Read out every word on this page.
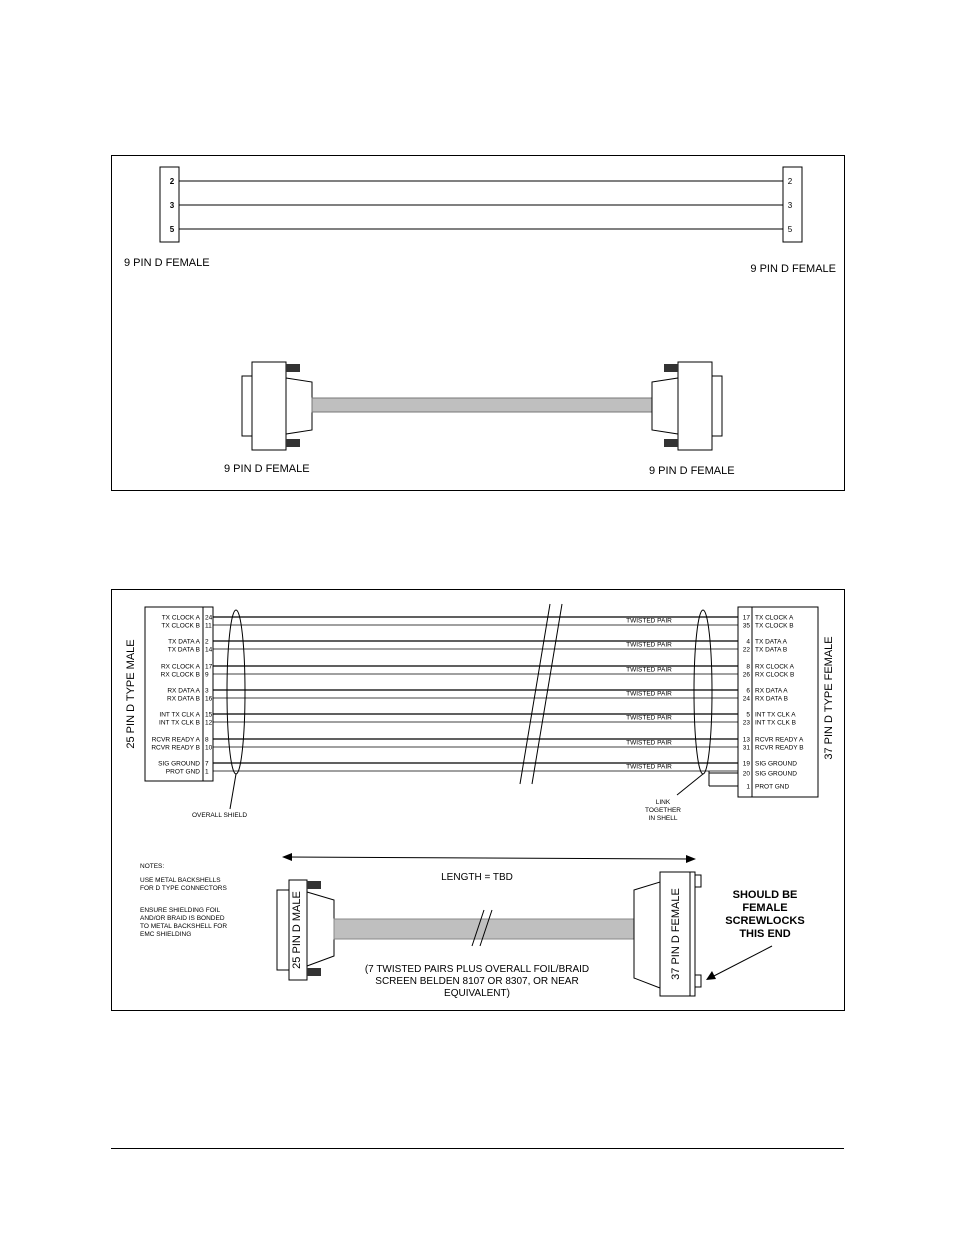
2
3
5
2
3
5
9 PIN D FEMALE	9 PIN D FEMALE
9 PIN D FEMALE	9 PIN D FEMALE
25 PIN D TYPE MALE	37 PIN D TYPE FEMALE
TX CLOCK A 24
TX CLOCK B 11
TX DATA A 2
TX DATA B 14
RX CLOCK A 17
RX CLOCK B 9
RX DATA A 3
RX DATA B 16
INT TX CLK A 15
INT TX CLK B 12
RCVR READY A 8
RCVR READY B 10
SIG GROUND 7
PROT GND 1
17 TX CLOCK A
35 TX CLOCK B
4 TX DATA A
22 TX DATA B
8 RX CLOCK A
26 RX CLOCK B
6 RX DATA A
24 RX DATA B
5 INT TX CLK A
23 INT TX CLK B
13 RCVR READY A
31 RCVR READY B
19 SIG GROUND
20 SIG GROUND
1 PROT GND
TWISTED PAIR
TWISTED PAIR
TWISTED PAIR
TWISTED PAIR
TWISTED PAIR
TWISTED PAIR
TWISTED PAIR
OVERALL SHIELD
LINK
TOGETHER
IN SHELL
NOTES:
USE METAL BACKSHELLS
FOR D TYPE CONNECTORS
ENSURE SHIELDING FOIL
AND/OR BRAID IS BONDED
TO METAL BACKSHELL FOR
EMC SHIELDING
LENGTH = TBD
25 PIN D MALE	37 PIN D FEMALE	SHOULD BE
FEMALE
SCREWLOCKS
THIS END
(7 TWISTED PAIRS PLUS OVERALL FOIL/BRAID
SCREEN BELDEN 8107 OR 8307, OR NEAR
EQUIVALENT)
